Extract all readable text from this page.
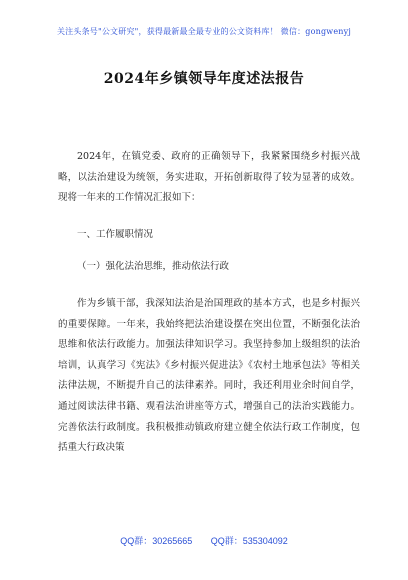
关注头条号"公文研究"，获得最新最全最专业的公文资料库！ 微信：gongwenyj
2024年乡镇领导年度述法报告

2024年，在镇党委、政府的正确领导下，我紧紧围绕乡村振兴战略，以法治建设为统领，务实进取，开拓创新取得了较为显著的成效。现将一年来的工作情况汇报如下：

一、工作履职情况

（一）强化法治思维，推动依法行政

作为乡镇干部，我深知法治是治国理政的基本方式，也是乡村振兴的重要保障。一年来，我始终把法治建设摆在突出位置，不断强化法治思维和依法行政能力。加强法律知识学习。我坚持参加上级组织的法治培训，认真学习《宪法》《乡村振兴促进法》《农村土地承包法》等相关法律法规，不断提升自己的法律素养。同时，我还利用业余时间自学，通过阅读法律书籍、观看法治讲座等方式，增强自己的法治实践能力。完善依法行政制度。我积极推动镇政府建立健全依法行政工作制度，包括重大行政决策

QQ群：30265665 QQ群：535304092
